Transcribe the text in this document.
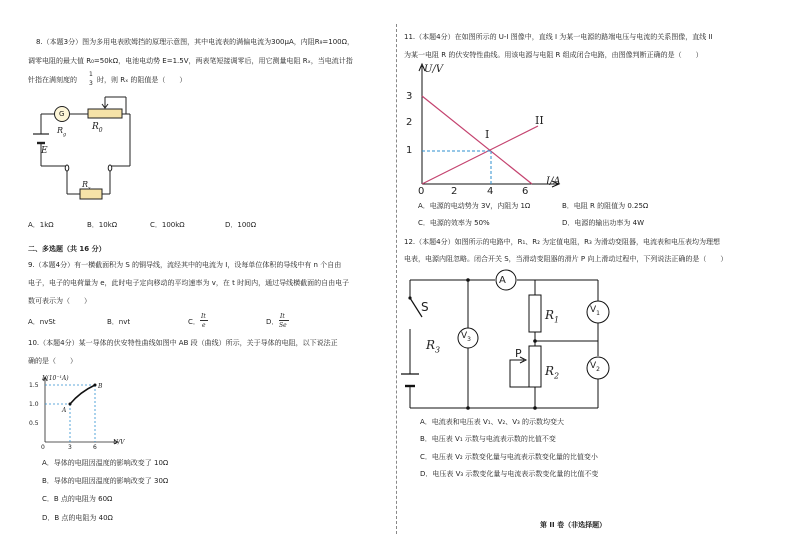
8.（本题3分）图为多用电表欧姆挡的原理示意图，其中电流表的满偏电流为300μA，内阻R₉=100Ω，
调零电阻的最大值 R₀=50kΩ，电池电动势 E=1.5V，两表笔短接调零后，用它测量电阻 Rₓ，当电流计指
针指在满刻度的
1
3 时，则 Rₓ 的阻值是（　　）
G
$R_g$
$R_0$
E
$R_x$
A．1kΩ	B．10kΩ	C．100kΩ	D．100Ω
二、多选题（共 16 分）
9.（本题4分）有一横截面积为 S 的铜导线，流经其中的电流为 I，设每单位体积的导线中有 n 个自由
电子，电子的电荷量为 e，此时电子定向移动的平均速率为 v，在 t 时间内，通过导线横截面的自由电子
数可表示为（　　）
A．nvSt	B．nvt	C．
It
e	D．
It
Se
10.（本题4分）某一导体的伏安特性曲线如图中 AB 段（曲线）所示，关于导体的电阻，以下说法正
确的是（　　）
I/(10⁻¹A)
U/V
1.5
1.0
0.5
0	3	6
A
B
A．导体的电阻因温度的影响改变了 10Ω
B．导体的电阻因温度的影响改变了 30Ω
C．B 点的电阻为 60Ω
D．B 点的电阻为 40Ω
11.（本题4分）在如图所示的 U-I 图像中，直线 I 为某一电源的路端电压与电流的关系图像，直线 II
为某一电阻 R 的伏安特性曲线。用该电源与电阻 R 组成闭合电路，由图像判断正确的是（　　）
U/V
I/A
3
2
1
0	2	4	6
I
II
A．电源的电动势为 3V，内阻为 1Ω	B．电阻 R 的阻值为 0.25Ω
C．电源的效率为 50%	D．电源的输出功率为 4W
12.（本题4分）如图所示的电路中，R₁、R₂ 为定值电阻，R₃ 为滑动变阻器，电流表和电压表均为理想
电表，电源内阻忽略。闭合开关 S，当滑动变阻器的滑片 P 向上滑动过程中，下列说法正确的是（　　）
A
S
$R_1$
$R_2$
$R_3$	P
$V_3$
$V_1$
$V_2$
A．电流表和电压表 V₁、V₂、V₃ 的示数均变大
B．电压表 V₁ 示数与电流表示数的比值不变
C．电压表 V₂ 示数变化量与电流表示数变化量的比值变小
D．电压表 V₃ 示数变化量与电流表示数变化量的比值不变
第 II 卷（非选择题）
